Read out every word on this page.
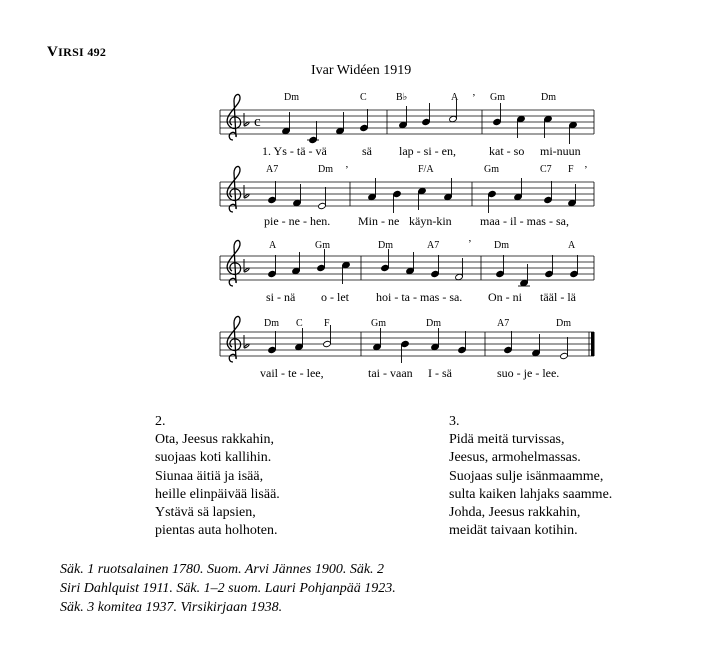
VIRSI 492
Ivar Widéen 1919
c
’
Dm	C	B♭	A	Gm	Dm
1. Ys - tä - vä	sä lap - si - en,	kat - so mi-nuun
’	’
A7	Dm	F/A	Gm	C7 F
pie - ne - hen. Min - ne käyn-kin maa - il - mas - sa,
’
A	Gm	Dm	A7	Dm	A
si - nä o - let hoi - ta - mas - sa. On - ni tääl - lä
Dm C F	Gm	Dm	A7	Dm
vail - te - lee,	tai - vaan I - sä	suo - je - lee.
2.
Ota, Jeesus rakkahin,
suojaas koti kallihin.
Siunaa äitiä ja isää,
heille elinpäivää lisää.
Ystävä sä lapsien,
pientas auta holhoten.
3.
Pidä meitä turvissas,
Jeesus, armohelmassas.
Suojaas sulje isänmaamme,
sulta kaiken lahjaks saamme.
Johda, Jeesus rakkahin,
meidät taivaan kotihin.
Säk. 1 ruotsalainen 1780. Suom. Arvi Jännes 1900. Säk. 2
Siri Dahlquist 1911. Säk. 1–2 suom. Lauri Pohjanpää 1923.
Säk. 3 komitea 1937. Virsikirjaan 1938.
